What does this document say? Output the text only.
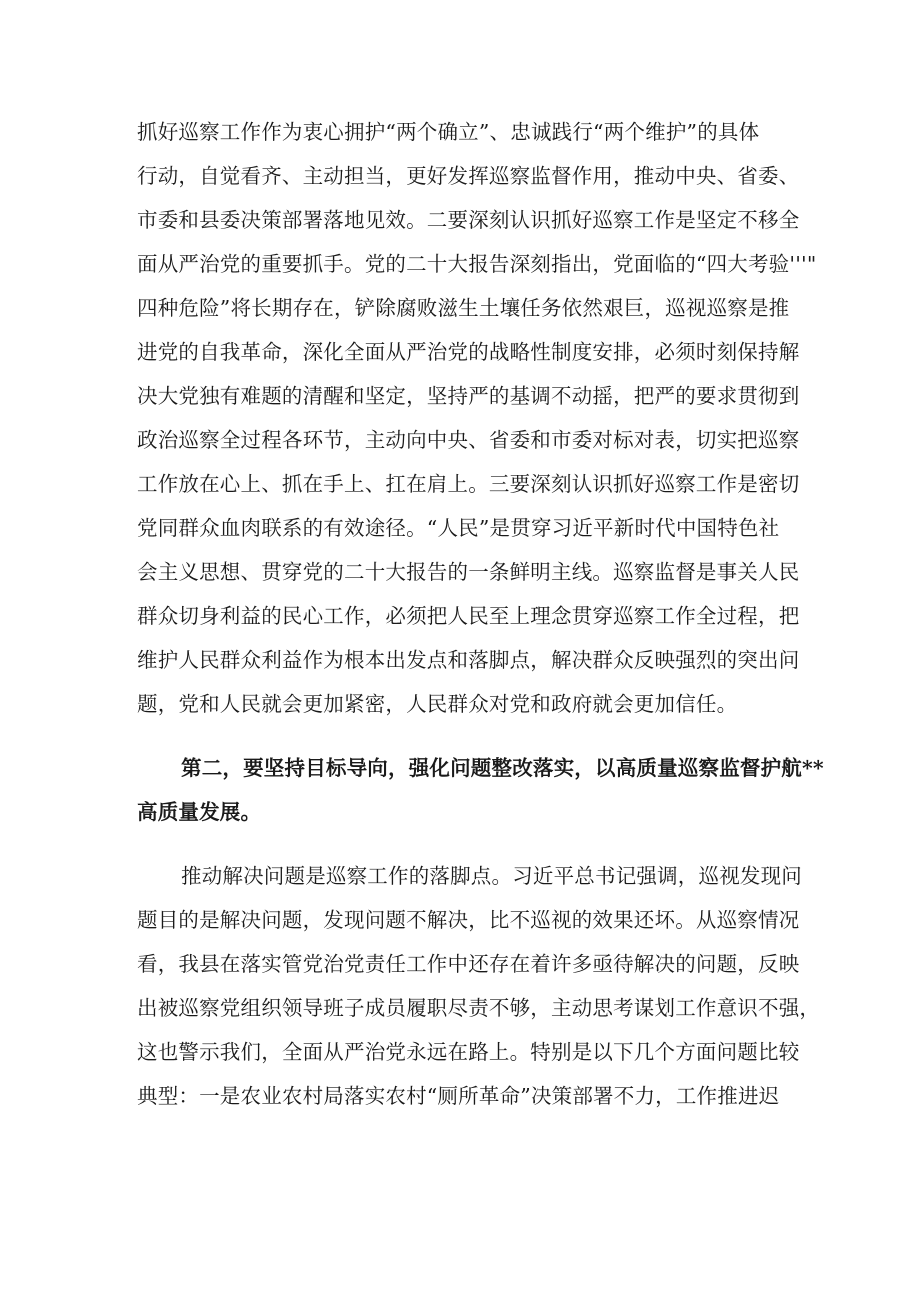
抓好巡察工作作为衷心拥护“两个确立”、忠诚践行“两个维护”的具体
行动，自觉看齐、主动担当，更好发挥巡察监督作用，推动中央、省委、
市委和县委决策部署落地见效。二要深刻认识抓好巡察工作是坚定不移全
面从严治党的重要抓手。党的二十大报告深刻指出，党面临的“四大考验'''"
四种危险”将长期存在，铲除腐败滋生土壤任务依然艰巨，巡视巡察是推
进党的自我革命，深化全面从严治党的战略性制度安排，必须时刻保持解
决大党独有难题的清醒和坚定，坚持严的基调不动摇，把严的要求贯彻到
政治巡察全过程各环节，主动向中央、省委和市委对标对表，切实把巡察
工作放在心上、抓在手上、扛在肩上。三要深刻认识抓好巡察工作是密切
党同群众血肉联系的有效途径。“人民”是贯穿习近平新时代中国特色社
会主义思想、贯穿党的二十大报告的一条鲜明主线。巡察监督是事关人民
群众切身利益的民心工作，必须把人民至上理念贯穿巡察工作全过程，把
维护人民群众利益作为根本出发点和落脚点，解决群众反映强烈的突出问
题，党和人民就会更加紧密，人民群众对党和政府就会更加信任。
第二，要坚持目标导向，强化问题整改落实，以高质量巡察监督护航**
高质量发展。
推动解决问题是巡察工作的落脚点。习近平总书记强调，巡视发现问
题目的是解决问题，发现问题不解决，比不巡视的效果还坏。从巡察情况
看，我县在落实管党治党责任工作中还存在着许多亟待解决的问题，反映
出被巡察党组织领导班子成员履职尽责不够，主动思考谋划工作意识不强，
这也警示我们，全面从严治党永远在路上。特别是以下几个方面问题比较
典型：一是农业农村局落实农村“厕所革命”决策部署不力，工作推进迟
